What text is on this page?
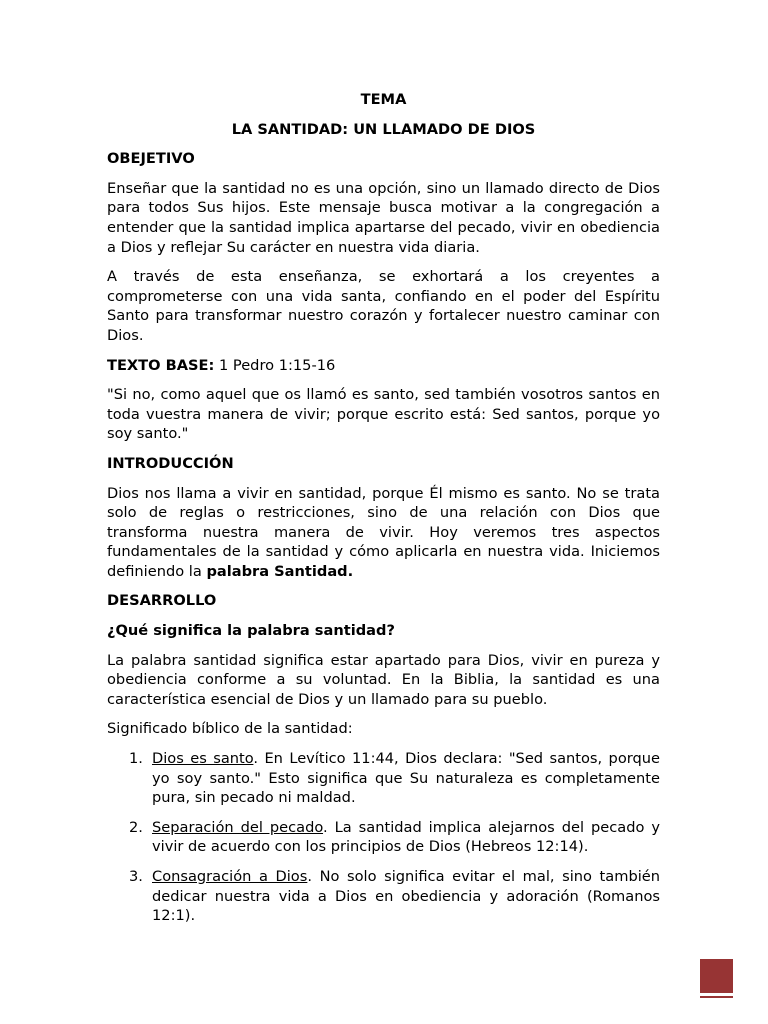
TEMA
LA SANTIDAD: UN LLAMADO DE DIOS
OBEJETIVO

Enseñar que la santidad no es una opción, sino un llamado directo de Dios para todos Sus hijos. Este mensaje busca motivar a la congregación a entender que la santidad implica apartarse del pecado, vivir en obediencia a Dios y reflejar Su carácter en nuestra vida diaria.

A través de esta enseñanza, se exhortará a los creyentes a comprometerse con una vida santa, confiando en el poder del Espíritu Santo para transformar nuestro corazón y fortalecer nuestro caminar con Dios.

TEXTO BASE: 1 Pedro 1:15-16

"Si no, como aquel que os llamó es santo, sed también vosotros santos en toda vuestra manera de vivir; porque escrito está: Sed santos, porque yo soy santo."

INTRODUCCIÓN

Dios nos llama a vivir en santidad, porque Él mismo es santo. No se trata solo de reglas o restricciones, sino de una relación con Dios que transforma nuestra manera de vivir. Hoy veremos tres aspectos fundamentales de la santidad y cómo aplicarla en nuestra vida. Iniciemos definiendo la palabra Santidad.

DESARROLLO
¿Qué significa la palabra santidad?

La palabra santidad significa estar apartado para Dios, vivir en pureza y obediencia conforme a su voluntad. En la Biblia, la santidad es una característica esencial de Dios y un llamado para su pueblo.

Significado bíblico de la santidad:

1. Dios es santo. En Levítico 11:44, Dios declara: "Sed santos, porque yo soy santo." Esto significa que Su naturaleza es completamente pura, sin pecado ni maldad.
2. Separación del pecado. La santidad implica alejarnos del pecado y vivir de acuerdo con los principios de Dios (Hebreos 12:14).
3. Consagración a Dios. No solo significa evitar el mal, sino también dedicar nuestra vida a Dios en obediencia y adoración (Romanos 12:1).
